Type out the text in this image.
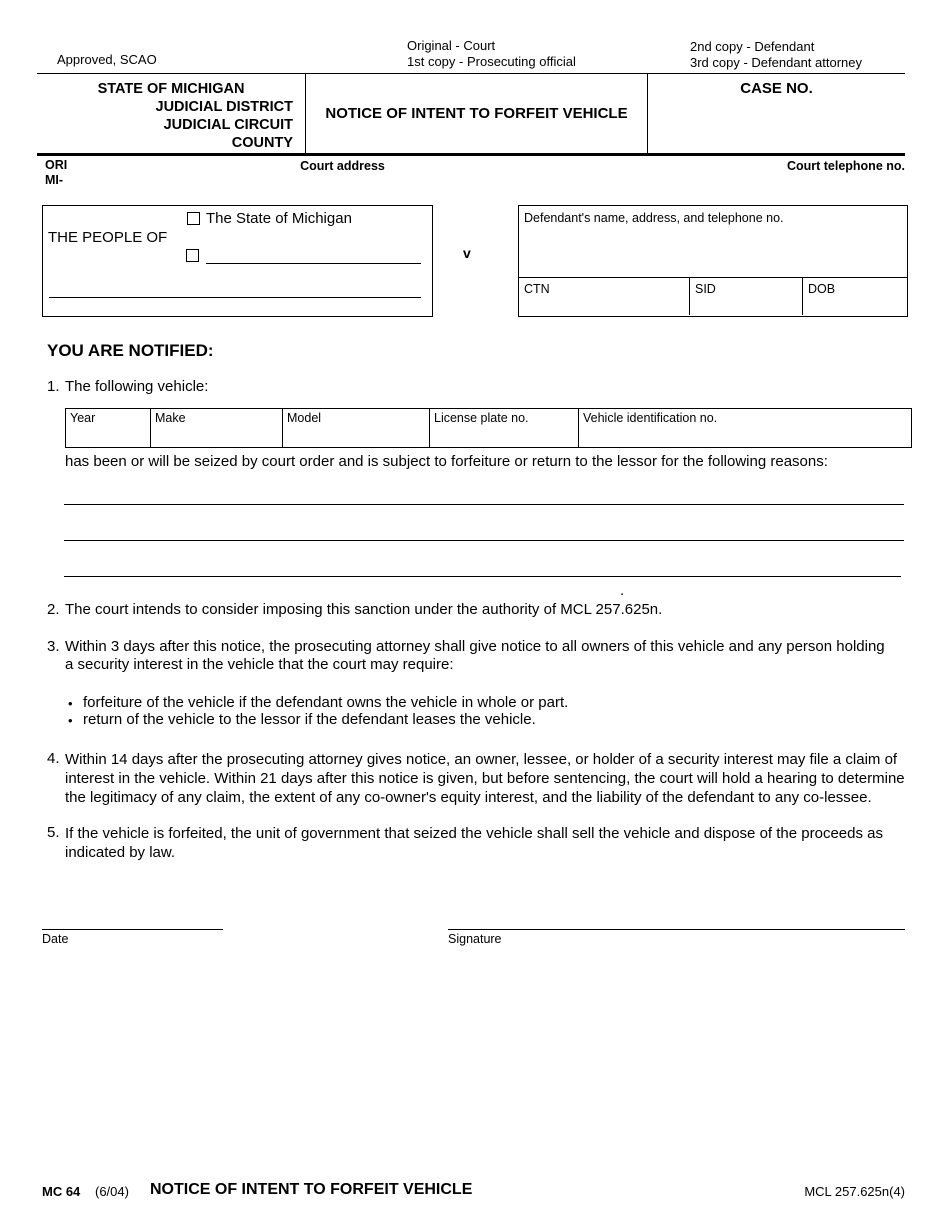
Approved, SCAO
Original - Court
1st copy - Prosecuting official
2nd copy - Defendant
3rd copy - Defendant attorney
STATE OF MICHIGAN
JUDICIAL DISTRICT
JUDICIAL CIRCUIT
COUNTY
NOTICE OF INTENT TO FORFEIT VEHICLE
CASE NO.
ORI
MI-
Court address	Court telephone no.
THE PEOPLE OF
The State of Michigan
v
Defendant's name, address, and telephone no.
CTN	SID	DOB
YOU ARE NOTIFIED:
1. The following vehicle:
Year	Make	Model	License plate no.	Vehicle identification no.
has been or will be seized by court order and is subject to forfeiture or return to the lessor for the following reasons:
.
2. The court intends to consider imposing this sanction under the authority of MCL 257.625n.
3. Within 3 days after this notice, the prosecuting attorney shall give notice to all owners of this vehicle and any person holding
a security interest in the vehicle that the court may require:
• forfeiture of the vehicle if the defendant owns the vehicle in whole or part.
• return of the vehicle to the lessor if the defendant leases the vehicle.
4. Within 14 days after the prosecuting attorney gives notice, an owner, lessee, or holder of a security interest may file a claim of
interest in the vehicle. Within 21 days after this notice is given, but before sentencing, the court will hold a hearing to determine
the legitimacy of any claim, the extent of any co-owner's equity interest, and the liability of the defendant to any co-lessee.
5. If the vehicle is forfeited, the unit of government that seized the vehicle shall sell the vehicle and dispose of the proceeds as
indicated by law.
Date	Signature
MC 64 (6/04) NOTICE OF INTENT TO FORFEIT VEHICLE	MCL 257.625n(4)
